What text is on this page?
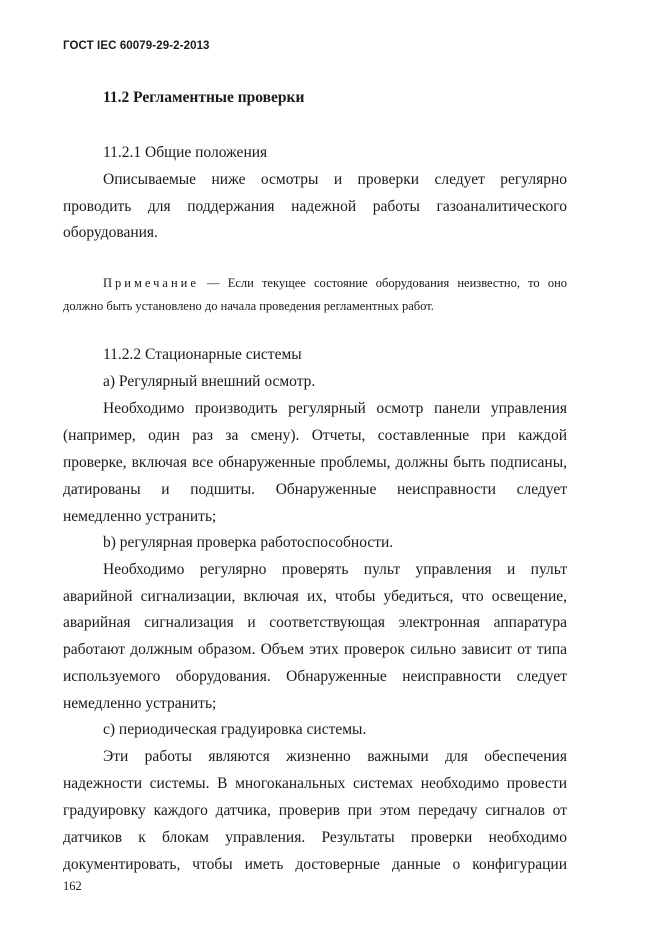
ГОСТ IEC 60079-29-2-2013
11.2 Регламентные проверки
11.2.1 Общие положения
Описываемые ниже осмотры и проверки следует регулярно
проводить для поддержания надежной работы газоаналитического
оборудования.
Примечание — Если текущее состояние оборудования неизвестно, то оно
должно быть установлено до начала проведения регламентных работ.
11.2.2 Стационарные системы
а) Регулярный внешний осмотр.
Необходимо производить регулярный осмотр панели управления
(например, один раз за смену). Отчеты, составленные при каждой
проверке, включая все обнаруженные проблемы, должны быть подписаны,
датированы и подшиты. Обнаруженные неисправности следует
немедленно устранить;
b) регулярная проверка работоспособности.
Необходимо регулярно проверять пульт управления и пульт
аварийной сигнализации, включая их, чтобы убедиться, что освещение,
аварийная сигнализация и соответствующая электронная аппаратура
работают должным образом. Объем этих проверок сильно зависит от типа
используемого оборудования. Обнаруженные неисправности следует
немедленно устранить;
с) периодическая градуировка системы.
Эти работы являются жизненно важными для обеспечения
надежности системы. В многоканальных системах необходимо провести
градуировку каждого датчика, проверив при этом передачу сигналов от
датчиков к блокам управления. Результаты проверки необходимо
документировать, чтобы иметь достоверные данные о конфигурации
162
